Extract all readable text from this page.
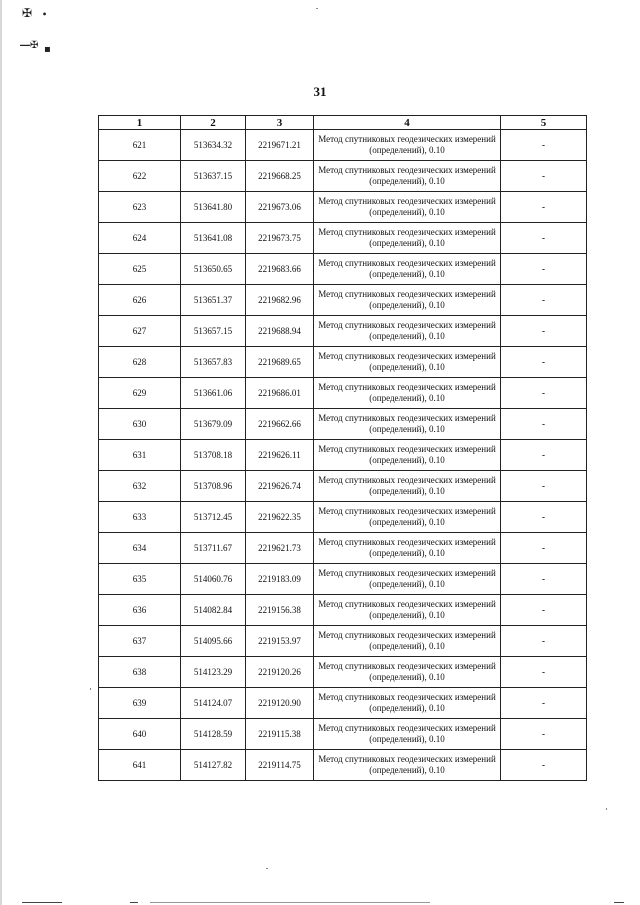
✠ •
―✠ ▪
31
1	2	3	4	5
621	513634.32	2219671.21	Метод спутниковых геодезических измерений (определений), 0.10	-
622	513637.15	2219668.25	Метод спутниковых геодезических измерений (определений), 0.10	-
623	513641.80	2219673.06	Метод спутниковых геодезических измерений (определений), 0.10	-
624	513641.08	2219673.75	Метод спутниковых геодезических измерений (определений), 0.10	-
625	513650.65	2219683.66	Метод спутниковых геодезических измерений (определений), 0.10	-
626	513651.37	2219682.96	Метод спутниковых геодезических измерений (определений), 0.10	-
627	513657.15	2219688.94	Метод спутниковых геодезических измерений (определений), 0.10	-
628	513657.83	2219689.65	Метод спутниковых геодезических измерений (определений), 0.10	-
629	513661.06	2219686.01	Метод спутниковых геодезических измерений (определений), 0.10	-
630	513679.09	2219662.66	Метод спутниковых геодезических измерений (определений), 0.10	-
631	513708.18	2219626.11	Метод спутниковых геодезических измерений (определений), 0.10	-
632	513708.96	2219626.74	Метод спутниковых геодезических измерений (определений), 0.10	-
633	513712.45	2219622.35	Метод спутниковых геодезических измерений (определений), 0.10	-
634	513711.67	2219621.73	Метод спутниковых геодезических измерений (определений), 0.10	-
635	514060.76	2219183.09	Метод спутниковых геодезических измерений (определений), 0.10	-
636	514082.84	2219156.38	Метод спутниковых геодезических измерений (определений), 0.10	-
637	514095.66	2219153.97	Метод спутниковых геодезических измерений (определений), 0.10	-
638	514123.29	2219120.26	Метод спутниковых геодезических измерений (определений), 0.10	-
639	514124.07	2219120.90	Метод спутниковых геодезических измерений (определений), 0.10	-
640	514128.59	2219115.38	Метод спутниковых геодезических измерений (определений), 0.10	-
641	514127.82	2219114.75	Метод спутниковых геодезических измерений (определений), 0.10	-
